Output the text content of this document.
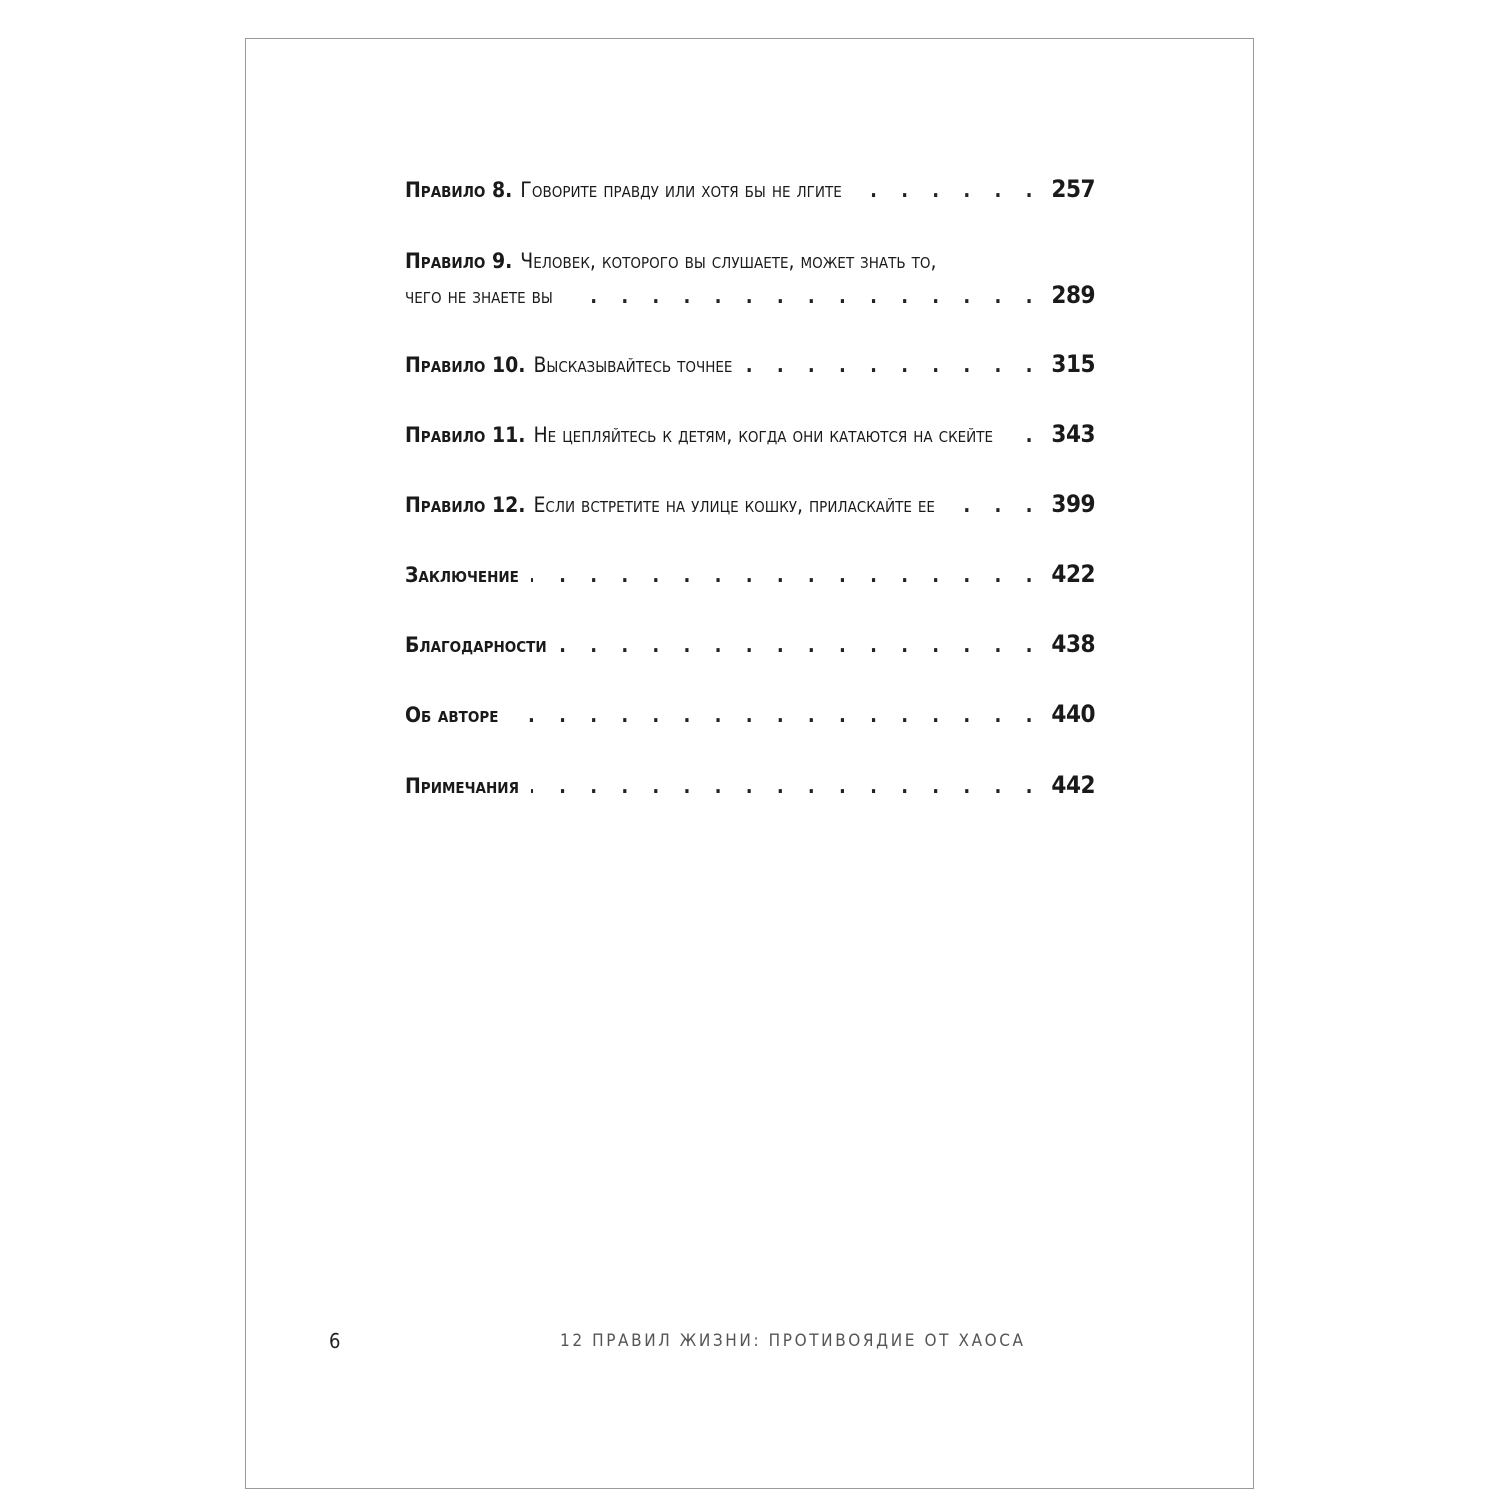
Правило 8. Говорите правду или хотя бы не лгите . . .	257
Правило 9. Человек, которого вы слушаете, может знать то,
чего не знаете вы . . .	289
Правило 10. Высказывайтесь точнее . . .	315
Правило 11. Не цепляйтесь к детям, когда они катаются на скейте . . . 343
Правило 12. Если встретите на улице кошку, приласкайте ее . . .	399
Заключение . . .	422
Благодарности . . .	438
Об авторе . . .	440
Примечания . . .	442
6	12 ПРАВИЛ ЖИЗНИ: ПРОТИВОЯДИЕ ОТ ХАОСА
